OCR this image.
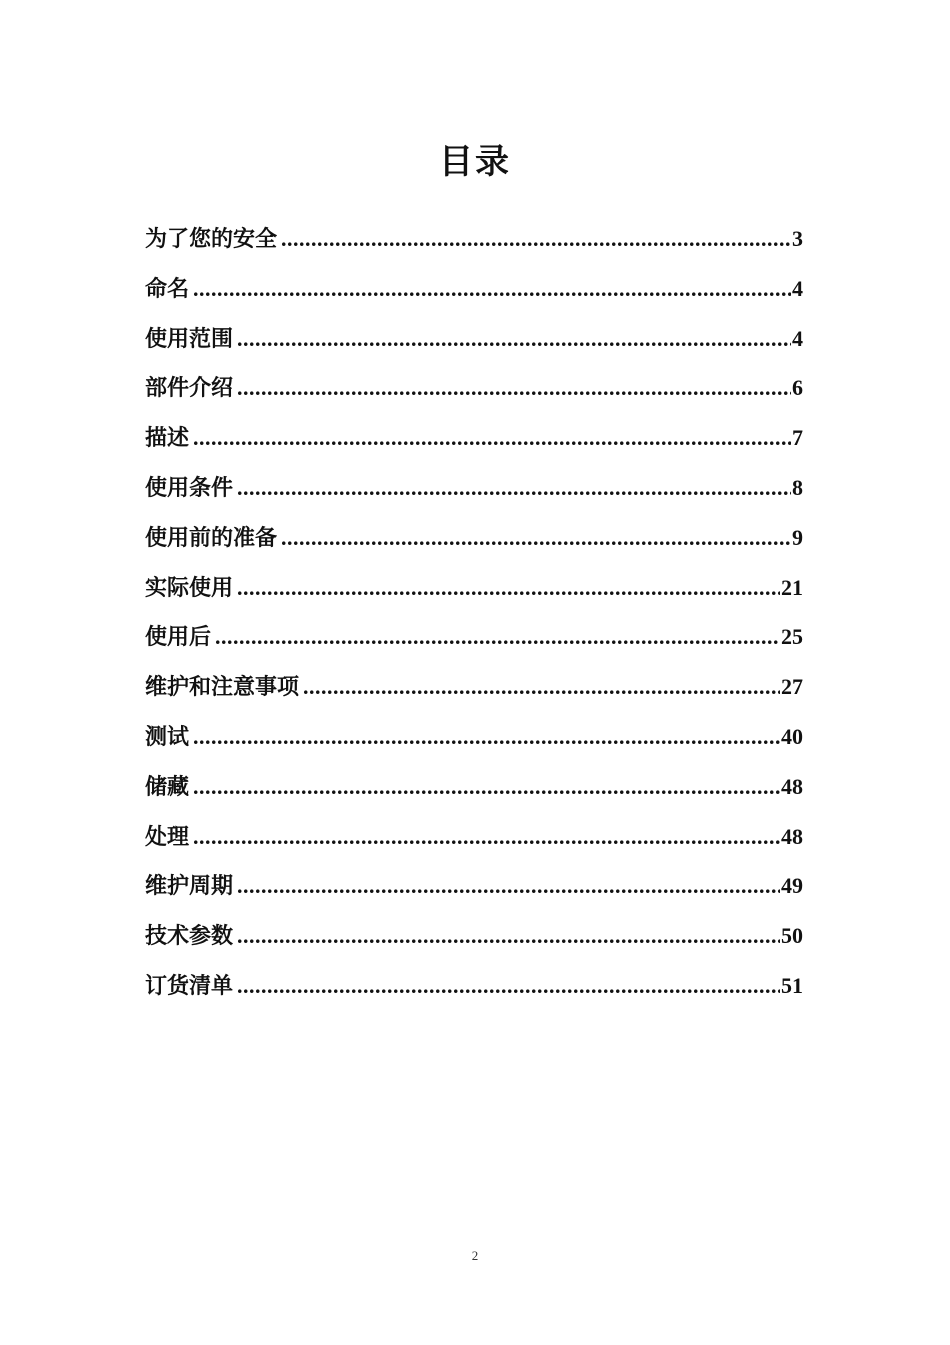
目录
为了您的安全 .....	3
命名 .....	4
使用范围 .....	4
部件介绍 .....	6
描述 .....	7
使用条件 .....	8
使用前的准备 .....	9
实际使用 .....	21
使用后 .....	25
维护和注意事项 .....	27
测试 .....	40
储藏 .....	48
处理 .....	48
维护周期 .....	49
技术参数 .....	50
订货清单 .....	51
2
